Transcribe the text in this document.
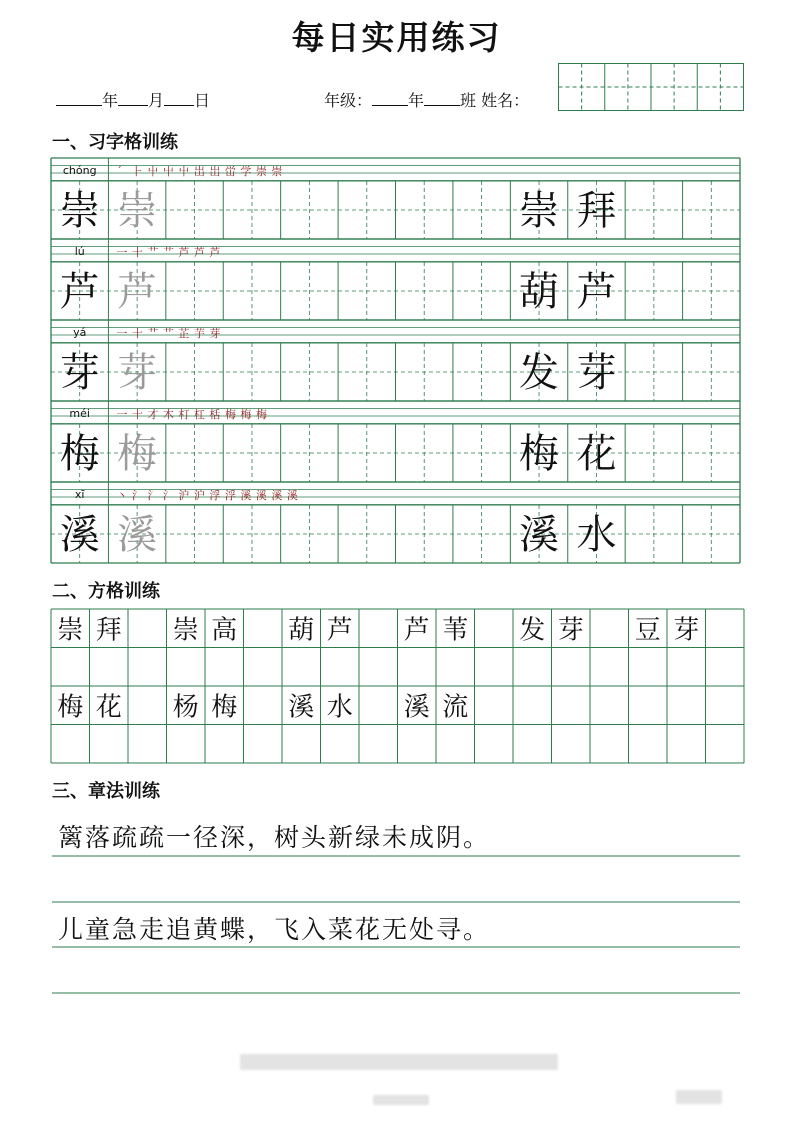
每日实用练习
年 月 日	年级： 年 班 姓名：
一、习字格训练
二、方格训练
三、章法训练
chóng ˊ ⺊ 屮 屮 屮 岀 岀 峃 学 崇 崇
崇 崇	崇 拜
lú	一 十 艹 艹 芦 芦 芦
芦 芦	葫 芦
yá	一 十 艹 艹 芷 芋 芽
芽 芽	发 芽
méi 一 十 才 木 朾 杠 栝 梅 梅 梅
梅 梅	梅 花
xī	丶 氵 氵 氵 沪 沪 浮 浮 溪 溪 溪 溪
溪 溪	溪 水
崇 拜 崇 高 葫 芦 芦 苇 发 芽 豆 芽
梅 花 杨 梅 溪 水 溪 流
篱落疏疏一径深，树头新绿未成阴。
儿童急走追黄蝶，飞入菜花无处寻。
